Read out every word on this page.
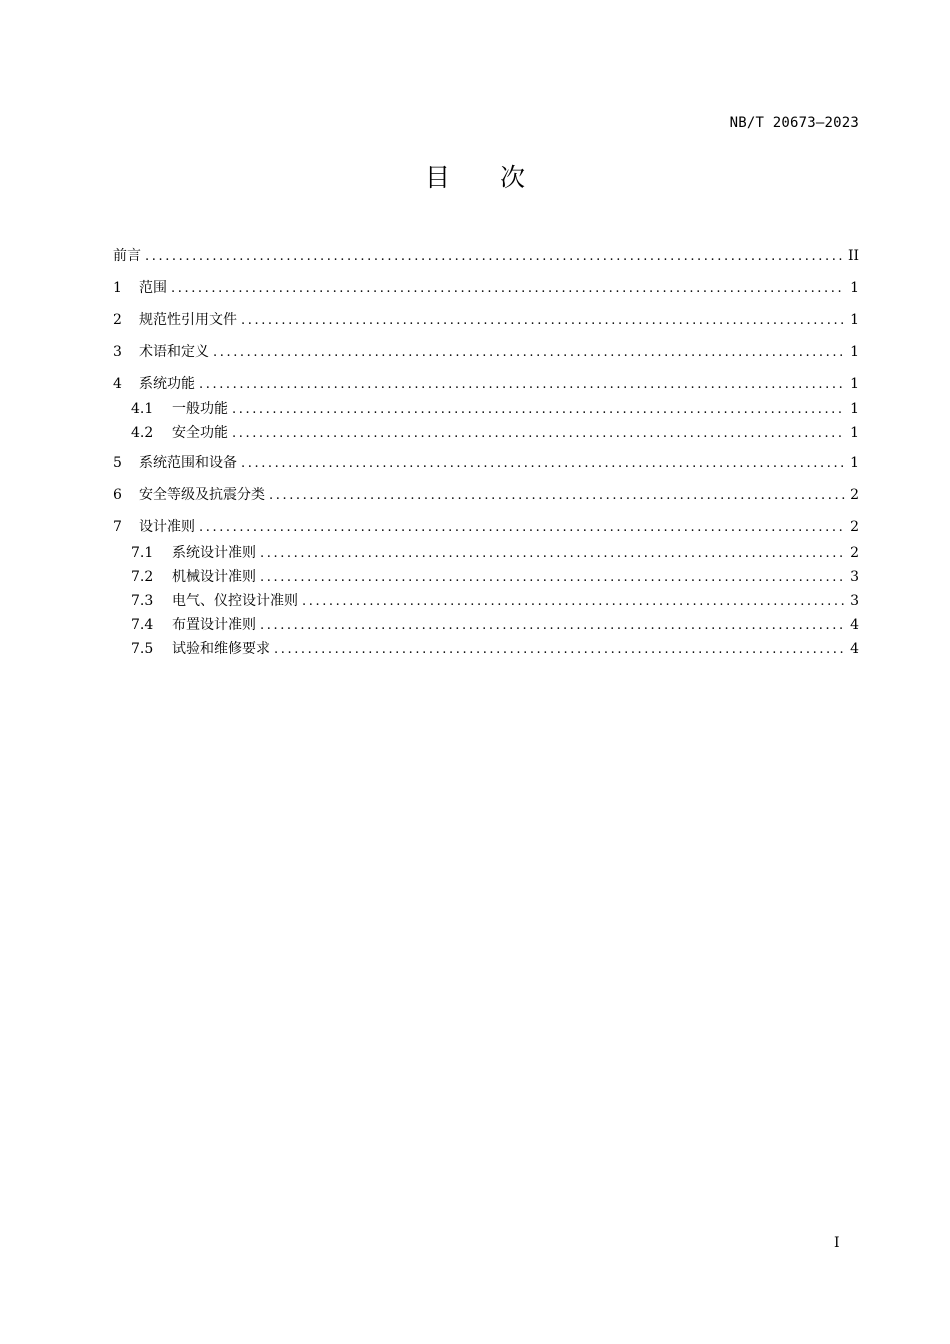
NB/T 20673—2023
目次
前言 .....	II
1	范围 .....	1
2	规范性引用文件 .....	1
3	术语和定义 .....	1
4	系统功能 .....	1
4.1	一般功能 .....	1
4.2	安全功能 .....	1
5	系统范围和设备 .....	1
6	安全等级及抗震分类 .....	2
7	设计准则 .....	2
7.1	系统设计准则 .....	2
7.2	机械设计准则 .....	3
7.3	电气、仪控设计准则 .....	3
7.4	布置设计准则 .....	4
7.5	试验和维修要求 .....	4
I
